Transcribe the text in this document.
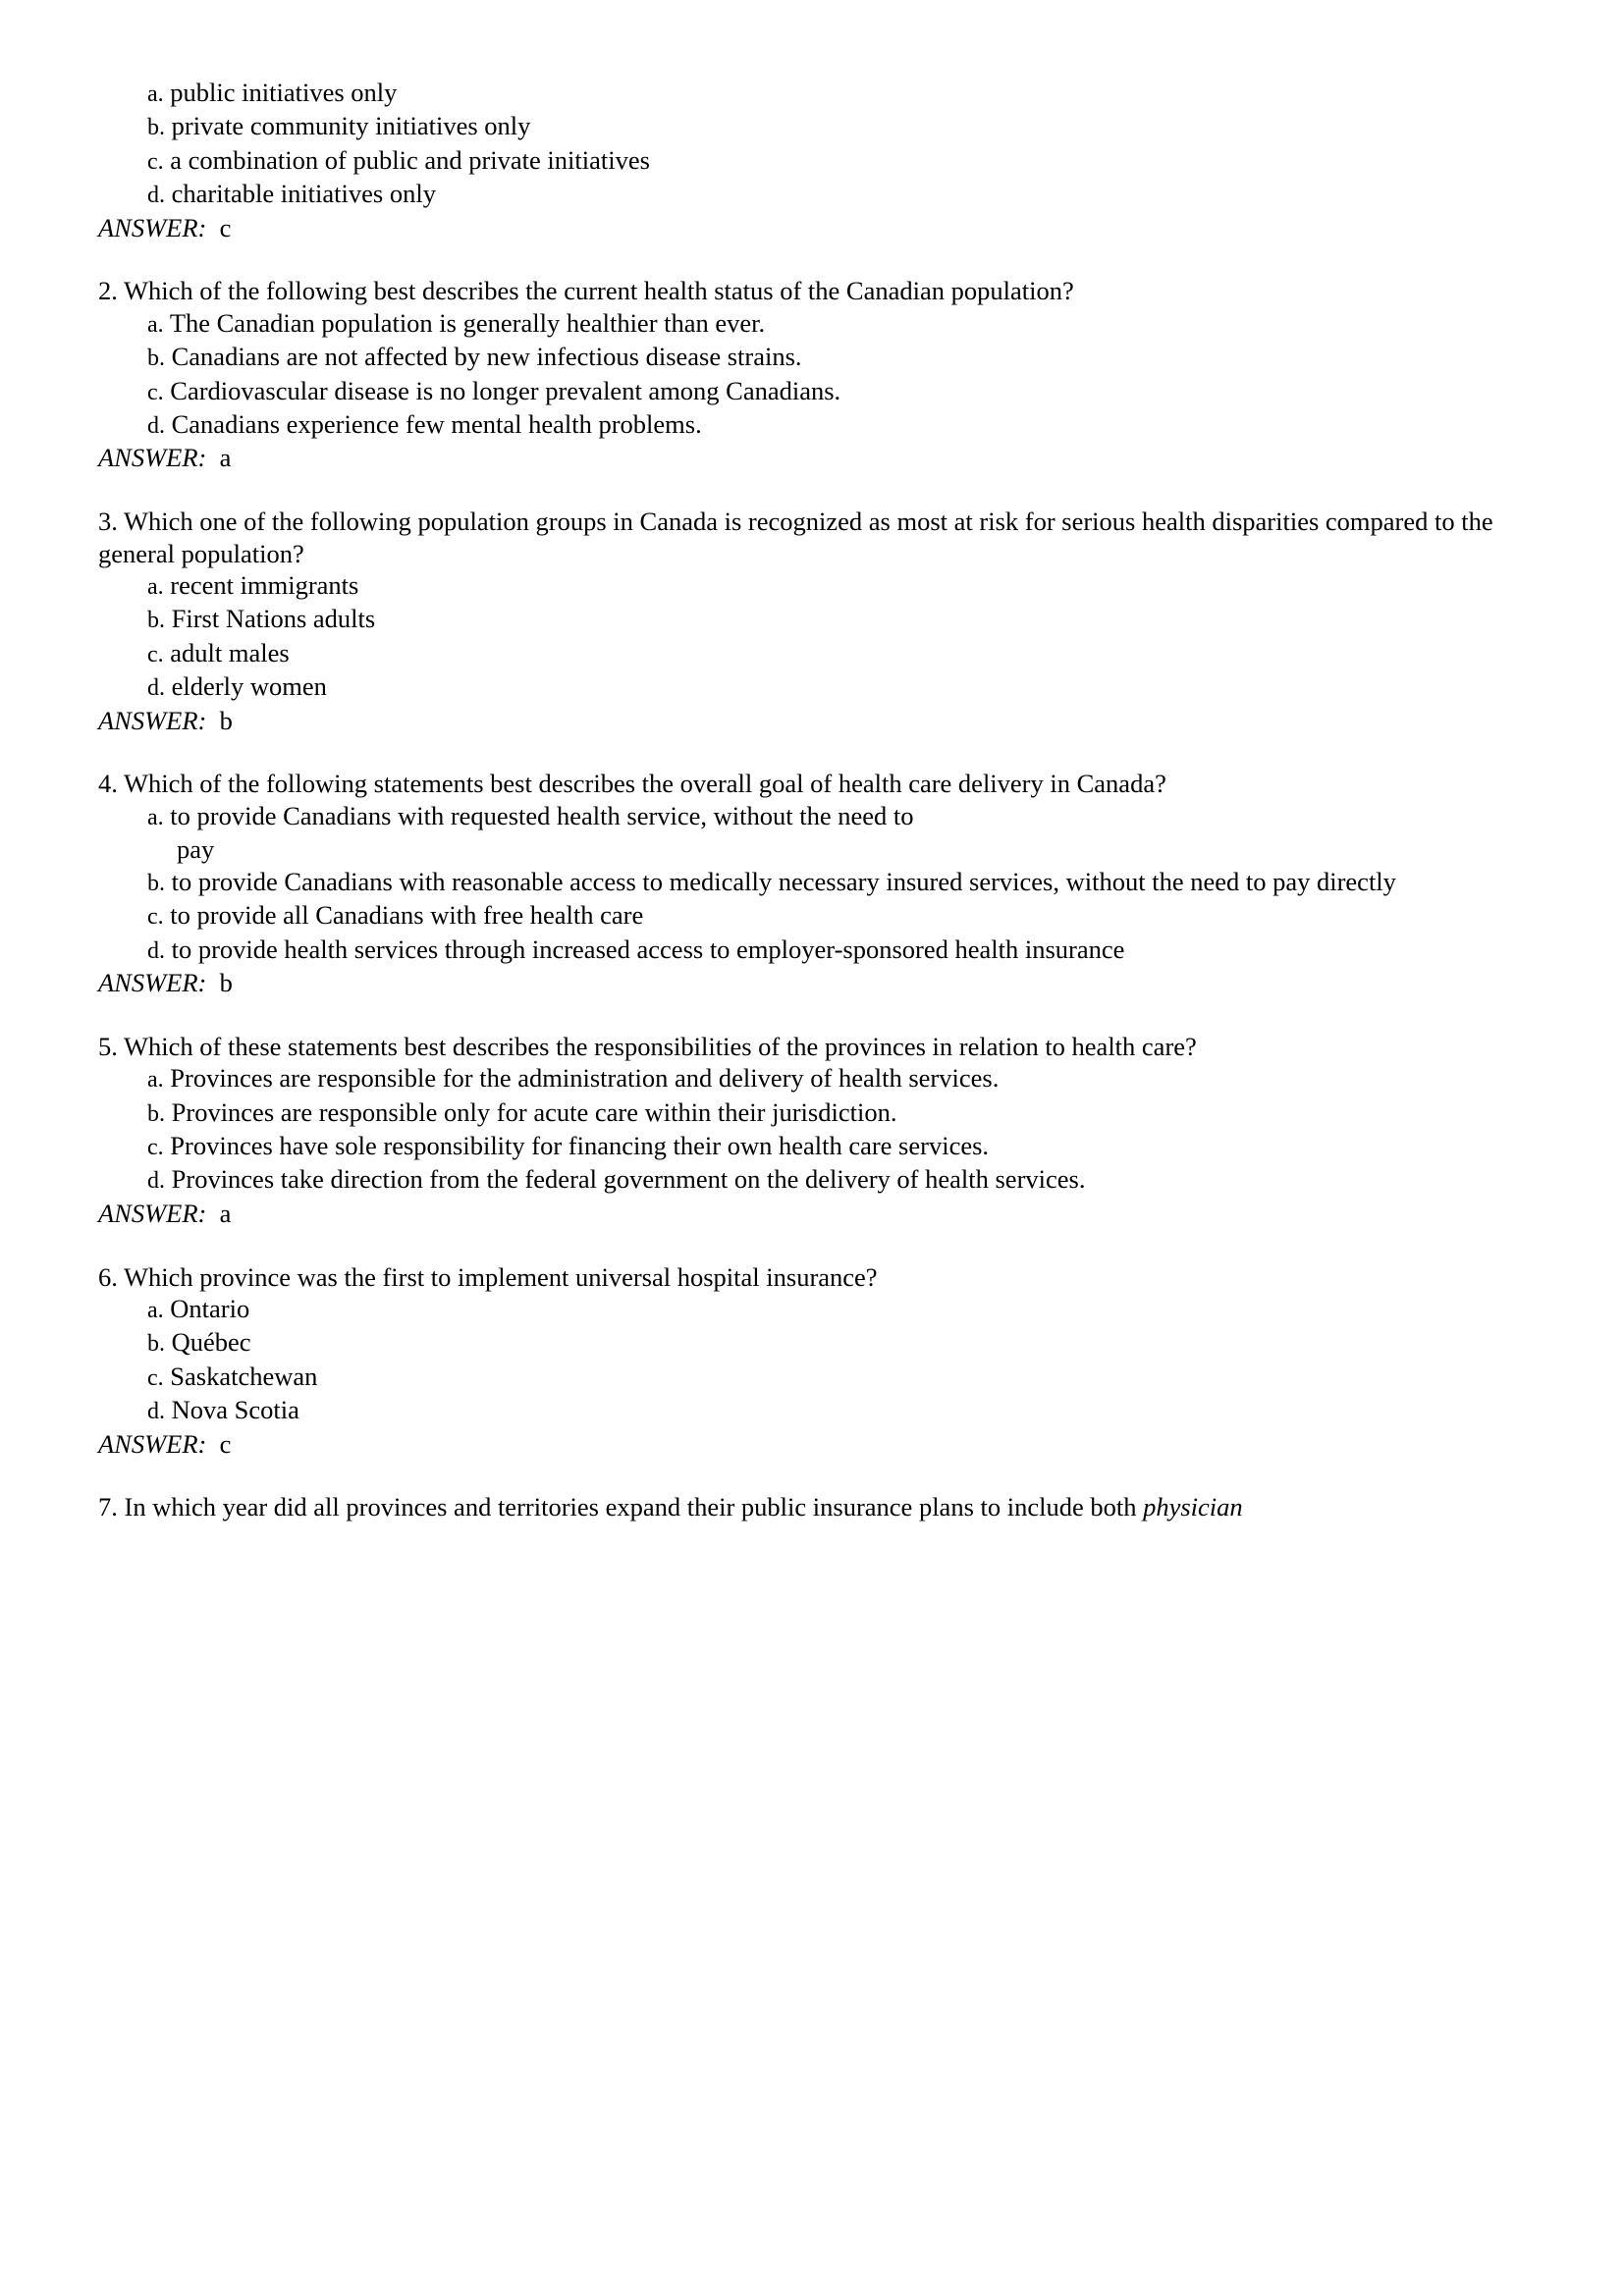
a. public initiatives only
b. private community initiatives only
c. a combination of public and private initiatives
d. charitable initiatives only

ANSWER: c

2. Which of the following best describes the current health status of the Canadian population?

a. The Canadian population is generally healthier than ever.
b. Canadians are not affected by new infectious disease strains.
c. Cardiovascular disease is no longer prevalent among Canadians.
d. Canadians experience few mental health problems.

ANSWER: a

3. Which one of the following population groups in Canada is recognized as most at risk for serious health disparities compared to the general population?

a. recent immigrants
b. First Nations adults
c. adult males
d. elderly women

ANSWER: b

4. Which of the following statements best describes the overall goal of health care delivery in Canada?

a. to provide Canadians with requested health service, without the need to pay
b. to provide Canadians with reasonable access to medically necessary insured services, without the need to pay directly
c. to provide all Canadians with free health care
d. to provide health services through increased access to employer-sponsored health insurance

ANSWER: b

5. Which of these statements best describes the responsibilities of the provinces in relation to health care?

a. Provinces are responsible for the administration and delivery of health services.
b. Provinces are responsible only for acute care within their jurisdiction.
c. Provinces have sole responsibility for financing their own health care services.
d. Provinces take direction from the federal government on the delivery of health services.

ANSWER: a

6. Which province was the first to implement universal hospital insurance?

a. Ontario
b. Québec
c. Saskatchewan
d. Nova Scotia

ANSWER: c

7. In which year did all provinces and territories expand their public insurance plans to include both physician
